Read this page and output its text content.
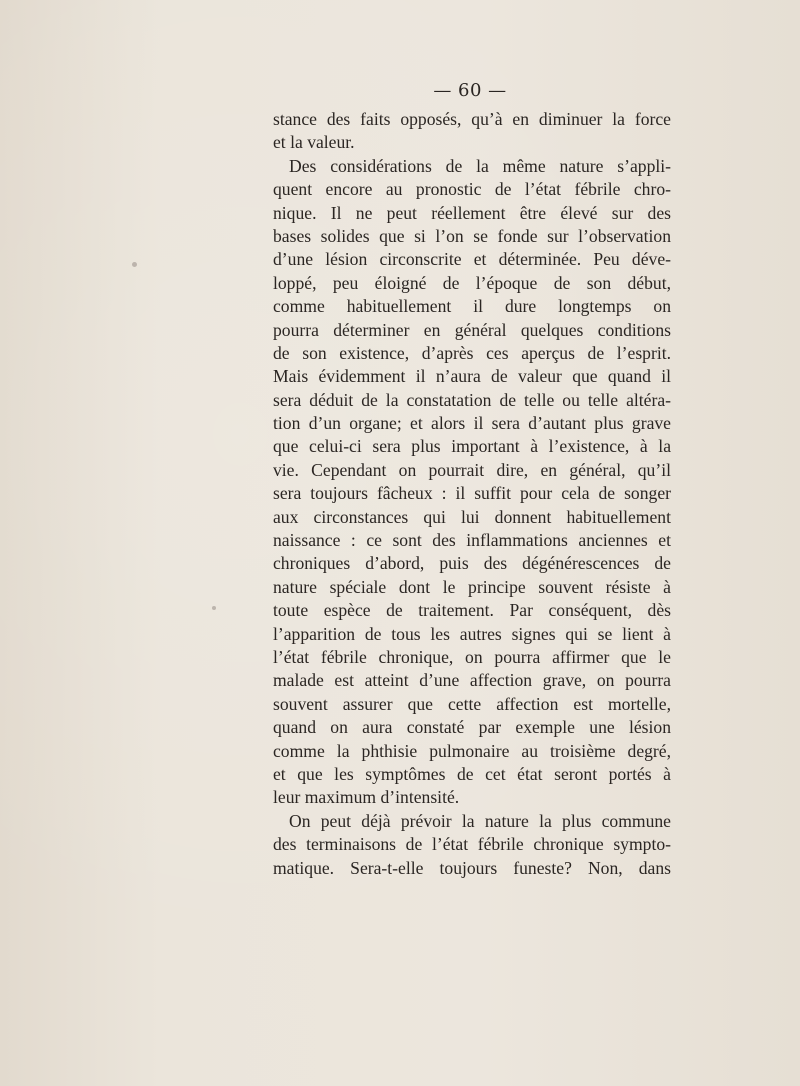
— 60 —
stance des faits opposés, qu’à en diminuer la force
et la valeur.
Des considérations de la même nature s’appli-
quent encore au pronostic de l’état fébrile chro-
nique. Il ne peut réellement être élevé sur des
bases solides que si l’on se fonde sur l’observation
d’une lésion circonscrite et déterminée. Peu déve-
loppé, peu éloigné de l’époque de son début,
comme habituellement il dure longtemps on
pourra déterminer en général quelques conditions
de son existence, d’après ces aperçus de l’esprit.
Mais évidemment il n’aura de valeur que quand il
sera déduit de la constatation de telle ou telle altéra-
tion d’un organe; et alors il sera d’autant plus grave
que celui-ci sera plus important à l’existence, à la
vie. Cependant on pourrait dire, en général, qu’il
sera toujours fâcheux : il suffit pour cela de songer
aux circonstances qui lui donnent habituellement
naissance : ce sont des inflammations anciennes et
chroniques d’abord, puis des dégénérescences de
nature spéciale dont le principe souvent résiste à
toute espèce de traitement. Par conséquent, dès
l’apparition de tous les autres signes qui se lient à
l’état fébrile chronique, on pourra affirmer que le
malade est atteint d’une affection grave, on pourra
souvent assurer que cette affection est mortelle,
quand on aura constaté par exemple une lésion
comme la phthisie pulmonaire au troisième degré,
et que les symptômes de cet état seront portés à
leur maximum d’intensité.
On peut déjà prévoir la nature la plus commune
des terminaisons de l’état fébrile chronique sympto-
matique. Sera-t-elle toujours funeste? Non, dans
